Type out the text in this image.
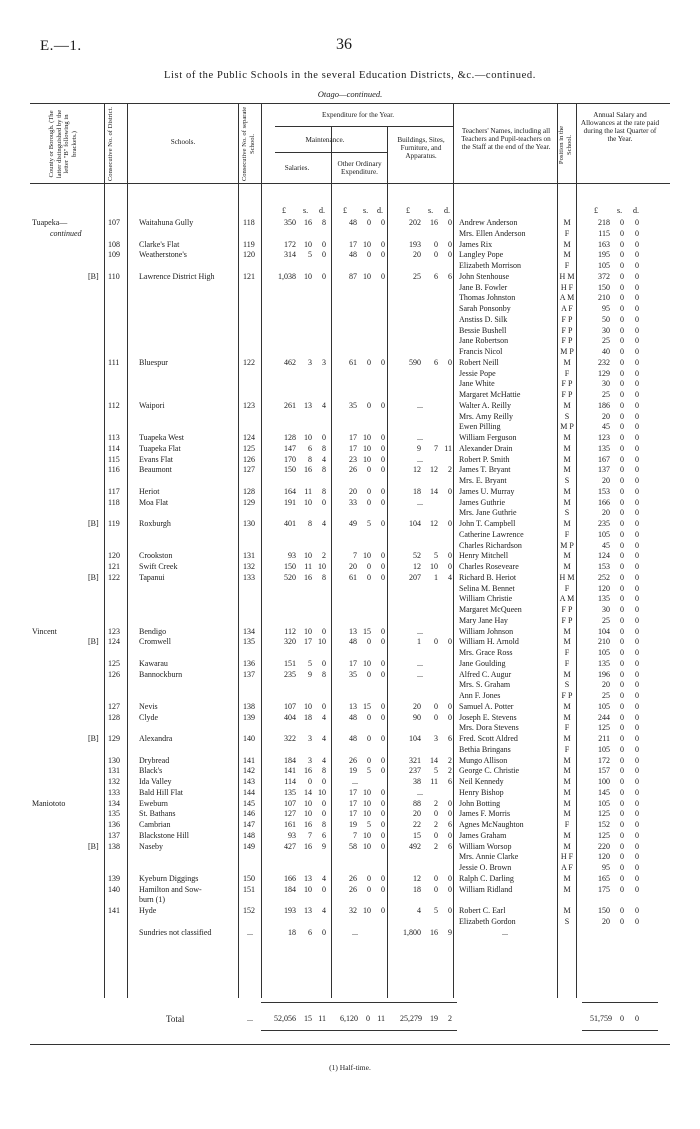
E.—1.	36
List of the Public Schools in the several Education Districts, &c.—continued.
Otago—continued.
County or Borough. (The latter distinguished by the letter "B" following in brackets.)	Consecutive No. of District.	Schools.	Consecutive No. of separate School.
Expenditure for the Year.
Maintenance.
Salaries.	Other Ordinary Expenditure.
Buildings, Sites, Furniture, and Apparatus.
Teachers' Names, including all Teachers and Pupil-teachers on the Staff at the end of the Year.	Position in the School.
Annual Salary and Allowances at the rate paid during the last Quarter of the Year.
£ s. d. £ s. d.	£ s. d.	£ s. d.
Tuapeka—	107 Waitahuna Gully	118	350	16	8	48	0	0	202	16	0 Andrew Anderson	M	218	0	0
continued	Mrs. Ellen Anderson	F	115	0	0
108 Clarke's Flat	119	172	10	0	17 10	0	193	0	0 James Rix	M	163	0	0
109 Weatherstone's	120	314	5	0	48	0	0	20	0	0 Langley Pope	M	195	0	0
Elizabeth Morrison	F	105	0	0
[B] 110 Lawrence District High	121	1,038	10	0	87 10	0	25	6	6 John Stenhouse	H M	372	0	0
Jane B. Fowler	H F	150	0	0
Thomas Johnston	A M	210	0	0
Sarah Ponsonby	A F	95	0	0
Anstiss D. Silk	F P	50	0	0
Bessie Bushell	F P	30	0	0
Jane Robertson	F P	25	0	0
Francis Nicol	M P	40	0	0
111 Bluespur	122	462	3	3	61	0	0	590	6	0 Robert Neill	M	232	0	0
Jessie Pope	F	129	0	0
Jane White	F P	30	0	0
Margaret McHattie	F P	25	0	0
112 Waipori	123	261	13	4	35	0	0	...	Walter A. Reilly	M	186	0	0
Mrs. Amy Reilly	S	20	0	0
Ewen Pilling	M P	45	0	0
113 Tuapeka West	124	128	10	0	17 10	0	...	William Ferguson	M	123	0	0
114 Tuapeka Flat	125	147	6	8	17 10	0	9	7 11 Alexander Drain	M	135	0	0
115 Evans Flat	126	170	8	4	23 10	0	...	Robert P. Smith	M	167	0	0
116 Beaumont	127	150	16	8	26	0	0	12	12	2 James T. Bryant	M	137	0	0
Mrs. E. Bryant	S	20	0	0
117 Heriot	128	164	11	8	20	0	0	18	14	0 James U. Murray	M	153	0	0
118 Moa Flat	129	191	10	0	33	0	0	...	James Guthrie	M	166	0	0
Mrs. Jane Guthrie	S	20	0	0
[B] 119 Roxburgh	130	401	8	4	49	5	0	104	12	0 John T. Campbell	M	235	0	0
Catherine Lawrence	F	105	0	0
Charles Richardson	M P	45	0	0
120 Crookston	131	93	10	2	7 10	0	52	5	0 Henry Mitchell	M	124	0	0
121 Swift Creek	132	150	11 10	20	0	0	12	10	0 Charles Roseveare	M	153	0	0
[B] 122 Tapanui	133	520	16	8	61	0	0	207	1	4 Richard B. Heriot	H M	252	0	0
Selina M. Bennet	F	120	0	0
William Christie	A M	135	0	0
Margaret McQueen	F P	30	0	0
Mary Jane Hay	F P	25	0	0
Vincent	123 Bendigo	134	112	10	0	13 15	0	...	William Johnson	M	104	0	0
[B] 124 Cromwell	135	320	17 10	48	0	0	1	0	0 William H. Arnold	M	210	0	0
Mrs. Grace Ross	F	105	0	0
125 Kawarau	136	151	5	0	17 10	0	...	Jane Goulding	F	135	0	0
126 Bannockburn	137	235	9	8	35	0	0	...	Alfred C. Augur	M	196	0	0
Mrs. S. Graham	S	20	0	0
Ann F. Jones	F P	25	0	0
127 Nevis	138	107	10	0	13 15	0	20	0	0 Samuel A. Potter	M	105	0	0
128 Clyde	139	404	18	4	48	0	0	90	0	0 Joseph E. Stevens	M	244	0	0
Mrs. Dora Stevens	F	125	0	0
[B] 129 Alexandra	140	322	3	4	48	0	0	104	3	6 Fred. Scott Aldred	M	211	0	0
Bethia Bringans	F	105	0	0
130 Drybread	141	184	3	4	26	0	0	321	14	2 Mungo Allison	M	172	0	0
131 Black's	142	141	16	8	19	5	0	237	5	2 George C. Christie	M	157	0	0
132 Ida Valley	143	114	0	0	...	38	11	6 Neil Kennedy	M	100	0	0
133 Bald Hill Flat	144	135	14 10	17 10	0	...	Henry Bishop	M	145	0	0
Maniototo	134 Eweburn	145	107	10	0	17 10	0	88	2	0 John Botting	M	105	0	0
135 St. Bathans	146	127	10	0	17 10	0	20	0	0 James F. Morris	M	125	0	0
136 Cambrian	147	161	16	8	19	5	0	22	2	6 Agnes McNaughton	F	152	0	0
137 Blackstone Hill	148	93	7	6	7 10	0	15	0	0 James Graham	M	125	0	0
[B] 138 Naseby	149	427	16	9	58 10	0	492	2	6 William Worsop	M	220	0	0
Mrs. Annie Clarke	H F	120	0	0
Jessie O. Brown	A F	95	0	0
139 Kyeburn Diggings	150	166	13	4	26	0	0	12	0	0 Ralph C. Darling	M	165	0	0
140 Hamilton and Sow-	151	184	10	0	26	0	0	18	0	0 William Ridland	M	175	0	0
burn (1)
141 Hyde	152	193	13	4	32 10	0	4	5	0 Robert C. Earl	M	150	0	0
Elizabeth Gordon	S	20	0	0
Sundries not classified	...	18	6	0	...	1,800	16	9	...
Total	...	52,056	15 11	6,120	0 11	25,279	19	2	51,759	0	0
(1) Half-time.
